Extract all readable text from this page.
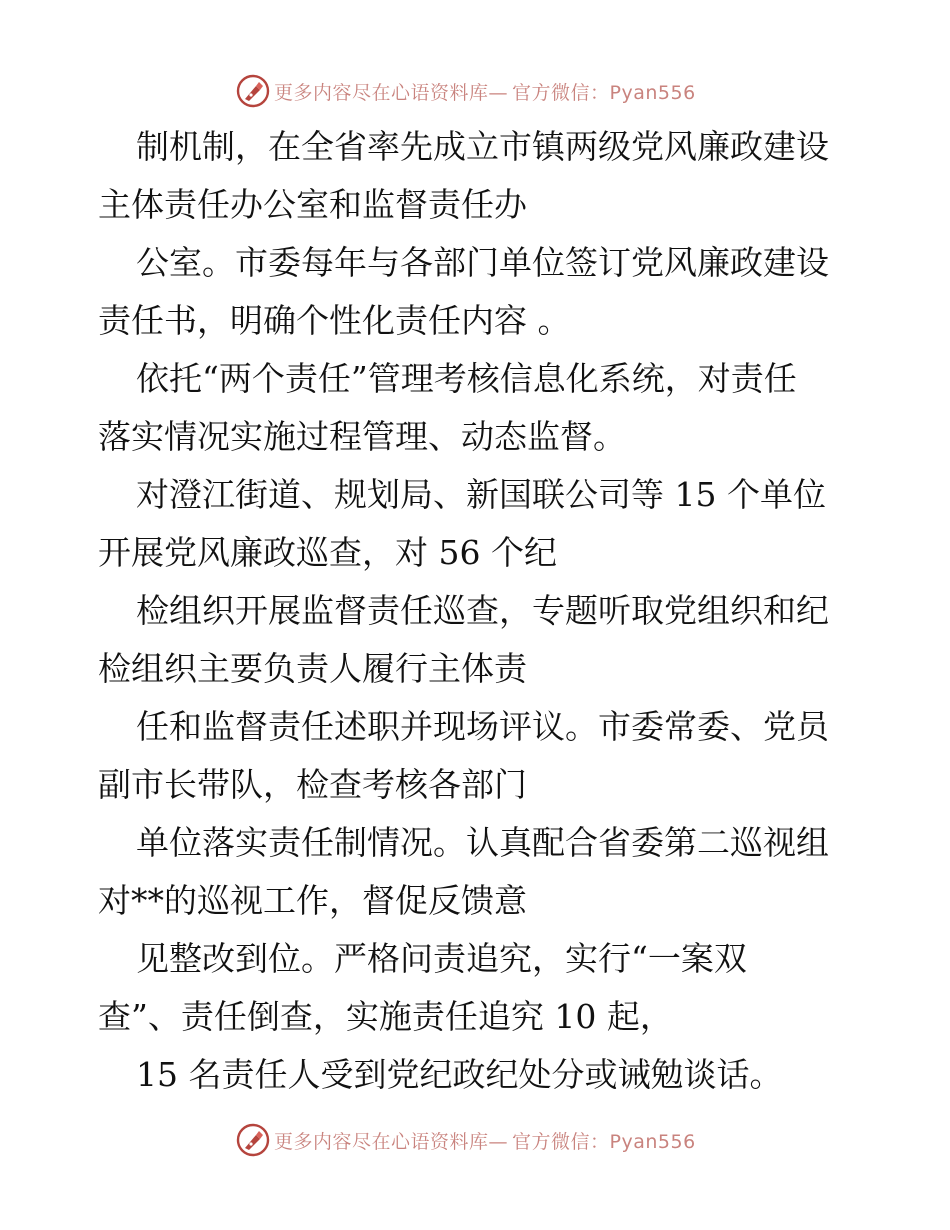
更多内容尽在心语资料库— 官方微信：Pyan556
制机制，在全省率先成立市镇两级党风廉政建设
主体责任办公室和监督责任办
公室。市委每年与各部门单位签订党风廉政建设
责任书，明确个性化责任内容 。
依托“两个责任”管理考核信息化系统，对责任
落实情况实施过程管理、动态监督。
对澄江街道、规划局、新国联公司等 15 个单位
开展党风廉政巡查，对 56 个纪
检组织开展监督责任巡查，专题听取党组织和纪
检组织主要负责人履行主体责
任和监督责任述职并现场评议。市委常委、党员
副市长带队，检查考核各部门
单位落实责任制情况。认真配合省委第二巡视组
对**的巡视工作，督促反馈意
见整改到位。严格问责追究，实行“一案双
查”、责任倒查，实施责任追究 10 起，
15 名责任人受到党纪政纪处分或诫勉谈话。
更多内容尽在心语资料库— 官方微信：Pyan556
